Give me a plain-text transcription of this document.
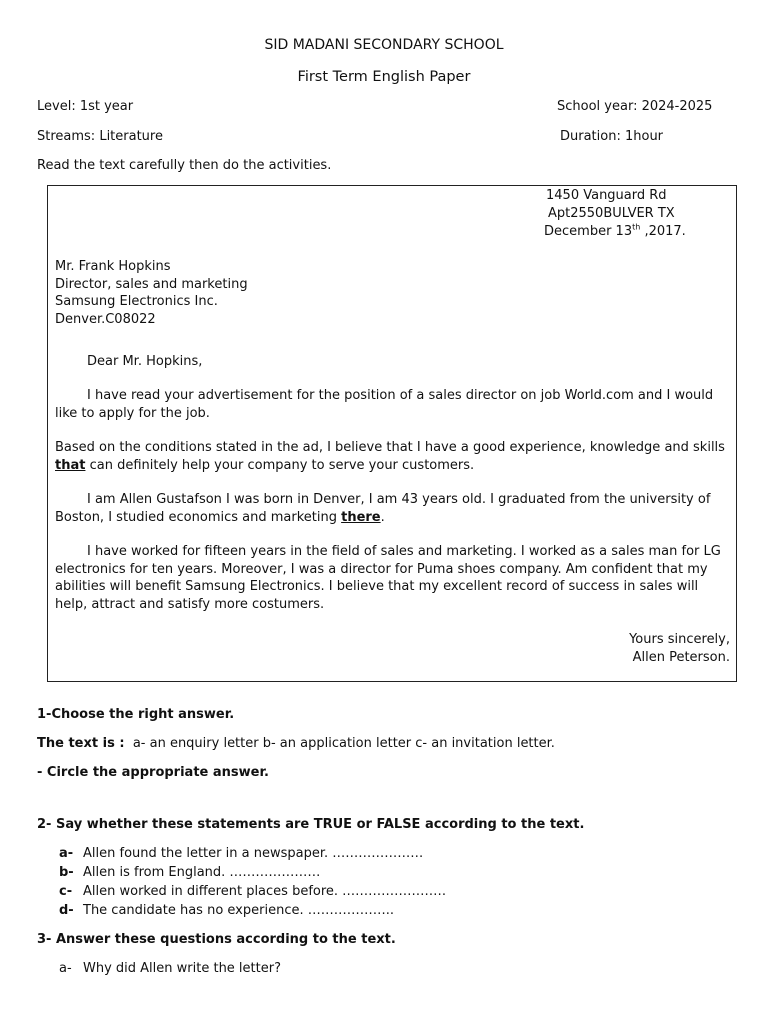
SID MADANI SECONDARY SCHOOL
First Term English Paper
Level: 1st year	School year: 2024-2025
Streams: Literature	Duration: 1hour
Read the text carefully then do the activities.
1450 Vanguard Rd
Apt2550BULVER TX
December 13th ,2017.
Mr. Frank Hopkins
Director, sales and marketing
Samsung Electronics Inc.
Denver.C08022
Dear Mr. Hopkins,
I have read your advertisement for the position of a sales director on job World.com and I would like to apply for the job.
Based on the conditions stated in the ad, I believe that I have a good experience, knowledge and skills that can definitely help your company to serve your customers.
I am Allen Gustafson I was born in Denver, I am 43 years old. I graduated from the university of Boston, I studied economics and marketing there.
I have worked for fifteen years in the field of sales and marketing. I worked as a sales man for LG electronics for ten years. Moreover, I was a director for Puma shoes company. Am confident that my abilities will benefit Samsung Electronics. I believe that my excellent record of success in sales will help, attract and satisfy more costumers.
Yours sincerely,
Allen Peterson.
1-Choose the right answer.
The text is : a- an enquiry letter b- an application letter c- an invitation letter.
- Circle the appropriate answer.
2- Say whether these statements are TRUE or FALSE according to the text.
a- Allen found the letter in a newspaper. …………………
b- Allen is from England. …………………
c- Allen worked in different places before. ……………………
d- The candidate has no experience. ………………..
3- Answer these questions according to the text.
a- Why did Allen write the letter?
